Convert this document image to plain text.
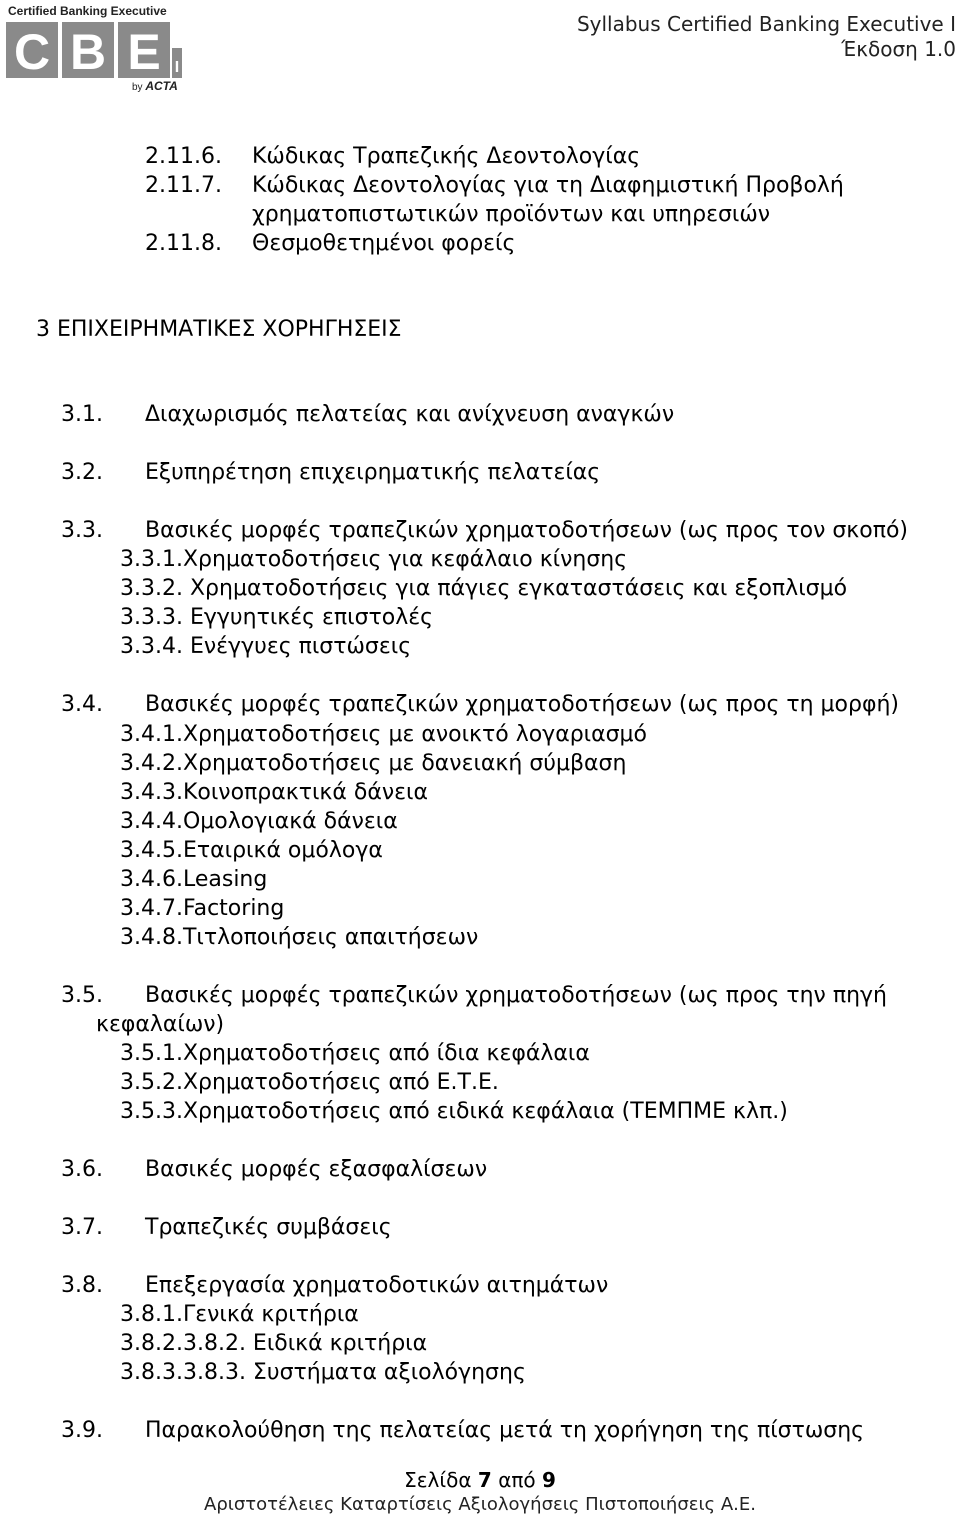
Certified Banking Executive
C B E I
by ACTA
Syllabus Certified Banking Executive I
Έκδοση 1.0
2.11.6. Κώδικας Τραπεζικής Δεοντολογίας
2.11.7. Κώδικας Δεοντολογίας για τη Διαφημιστική Προβολή
χρηματοπιστωτικών προϊόντων και υπηρεσιών
2.11.8. Θεσμοθετημένοι φορείς
3 ΕΠΙΧΕΙΡΗΜΑΤΙΚΕΣ ΧΟΡΗΓΗΣΕΙΣ
3.1. Διαχωρισμός πελατείας και ανίχνευση αναγκών
3.2. Εξυπηρέτηση επιχειρηματικής πελατείας
3.3. Βασικές μορφές τραπεζικών χρηματοδοτήσεων (ως προς τον σκοπό)
3.3.1.Χρηματοδοτήσεις για κεφάλαιο κίνησης
3.3.2. Χρηματοδοτήσεις για πάγιες εγκαταστάσεις και εξοπλισμό
3.3.3. Εγγυητικές επιστολές
3.3.4. Ενέγγυες πιστώσεις
3.4. Βασικές μορφές τραπεζικών χρηματοδοτήσεων (ως προς τη μορφή)
3.4.1.Χρηματοδοτήσεις με ανοικτό λογαριασμό
3.4.2.Χρηματοδοτήσεις με δανειακή σύμβαση
3.4.3.Κοινοπρακτικά δάνεια
3.4.4.Ομολογιακά δάνεια
3.4.5.Εταιρικά ομόλογα
3.4.6.Leasing
3.4.7.Factoring
3.4.8.Τιτλοποιήσεις απαιτήσεων
3.5. Βασικές μορφές τραπεζικών χρηματοδοτήσεων (ως προς την πηγή
κεφαλαίων)
3.5.1.Χρηματοδοτήσεις από ίδια κεφάλαια
3.5.2.Χρηματοδοτήσεις από Ε.Τ.Ε.
3.5.3.Χρηματοδοτήσεις από ειδικά κεφάλαια (ΤΕΜΠΜΕ κλπ.)
3.6. Βασικές μορφές εξασφαλίσεων
3.7. Τραπεζικές συμβάσεις
3.8. Επεξεργασία χρηματοδοτικών αιτημάτων
3.8.1.Γενικά κριτήρια
3.8.2.3.8.2. Ειδικά κριτήρια
3.8.3.3.8.3. Συστήματα αξιολόγησης
3.9. Παρακολούθηση της πελατείας μετά τη χορήγηση της πίστωσης
Σελίδα 7 από 9
Αριστοτέλειες Καταρτίσεις Αξιολογήσεις Πιστοποιήσεις Α.Ε.
